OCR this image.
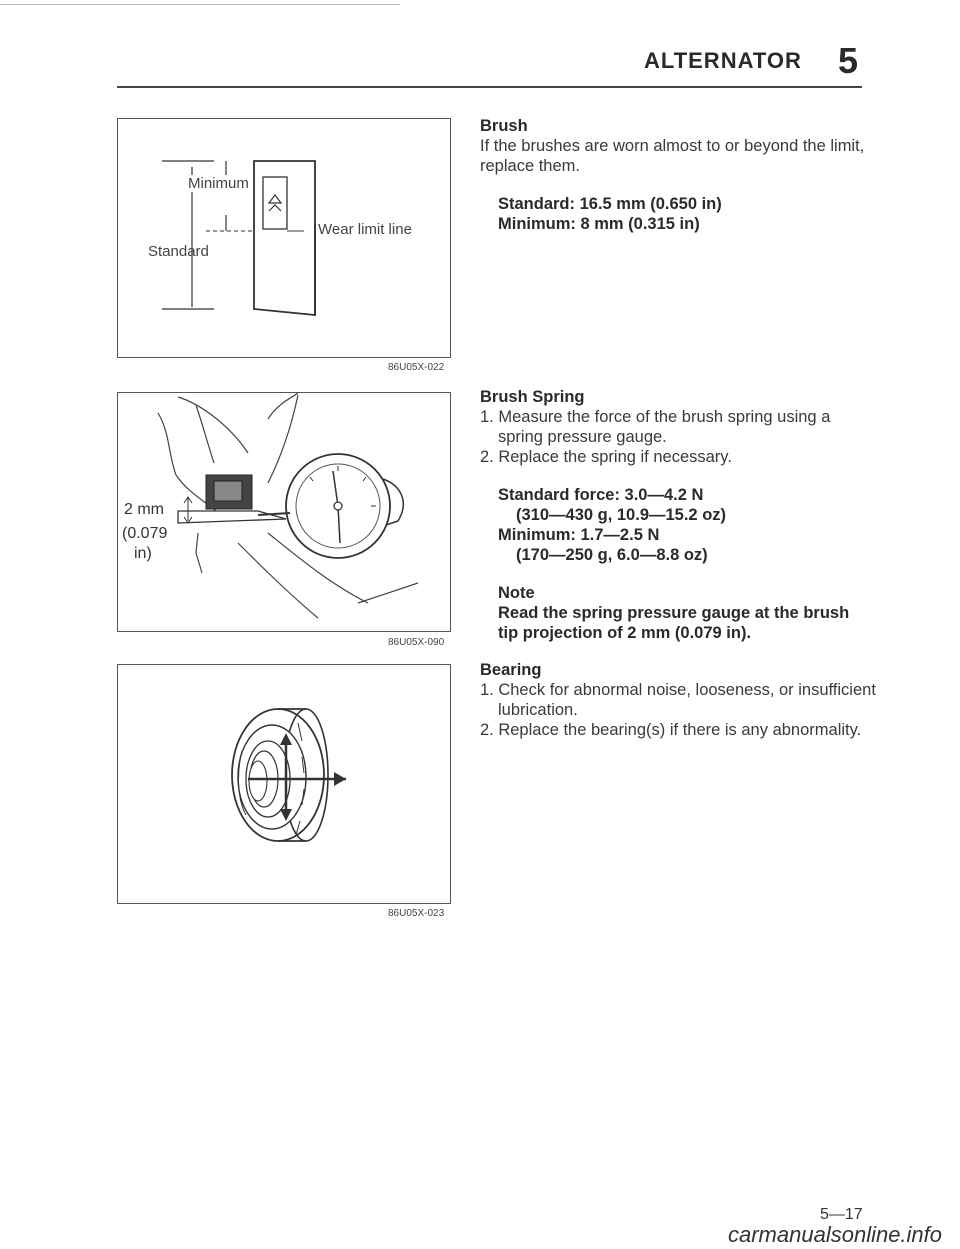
ALTERNATOR 5
Minimum
Standard
Wear limit line
86U05X-022
2 mm
(0.079
in)
86U05X-090
86U05X-023
Brush
If the brushes are worn almost to or beyond the limit,
replace them.
Standard: 16.5 mm (0.650 in)
Minimum: 8 mm (0.315 in)
Brush Spring
1. Measure the force of the brush spring using a
spring pressure gauge.
2. Replace the spring if necessary.
Standard force: 3.0—4.2 N
(310—430 g, 10.9—15.2 oz)
Minimum: 1.7—2.5 N
(170—250 g, 6.0—8.8 oz)
Note
Read the spring pressure gauge at the brush
tip projection of 2 mm (0.079 in).
Bearing
1. Check for abnormal noise, looseness, or insufficient
lubrication.
2. Replace the bearing(s) if there is any abnormality.
5—17
carmanualsonline.info
